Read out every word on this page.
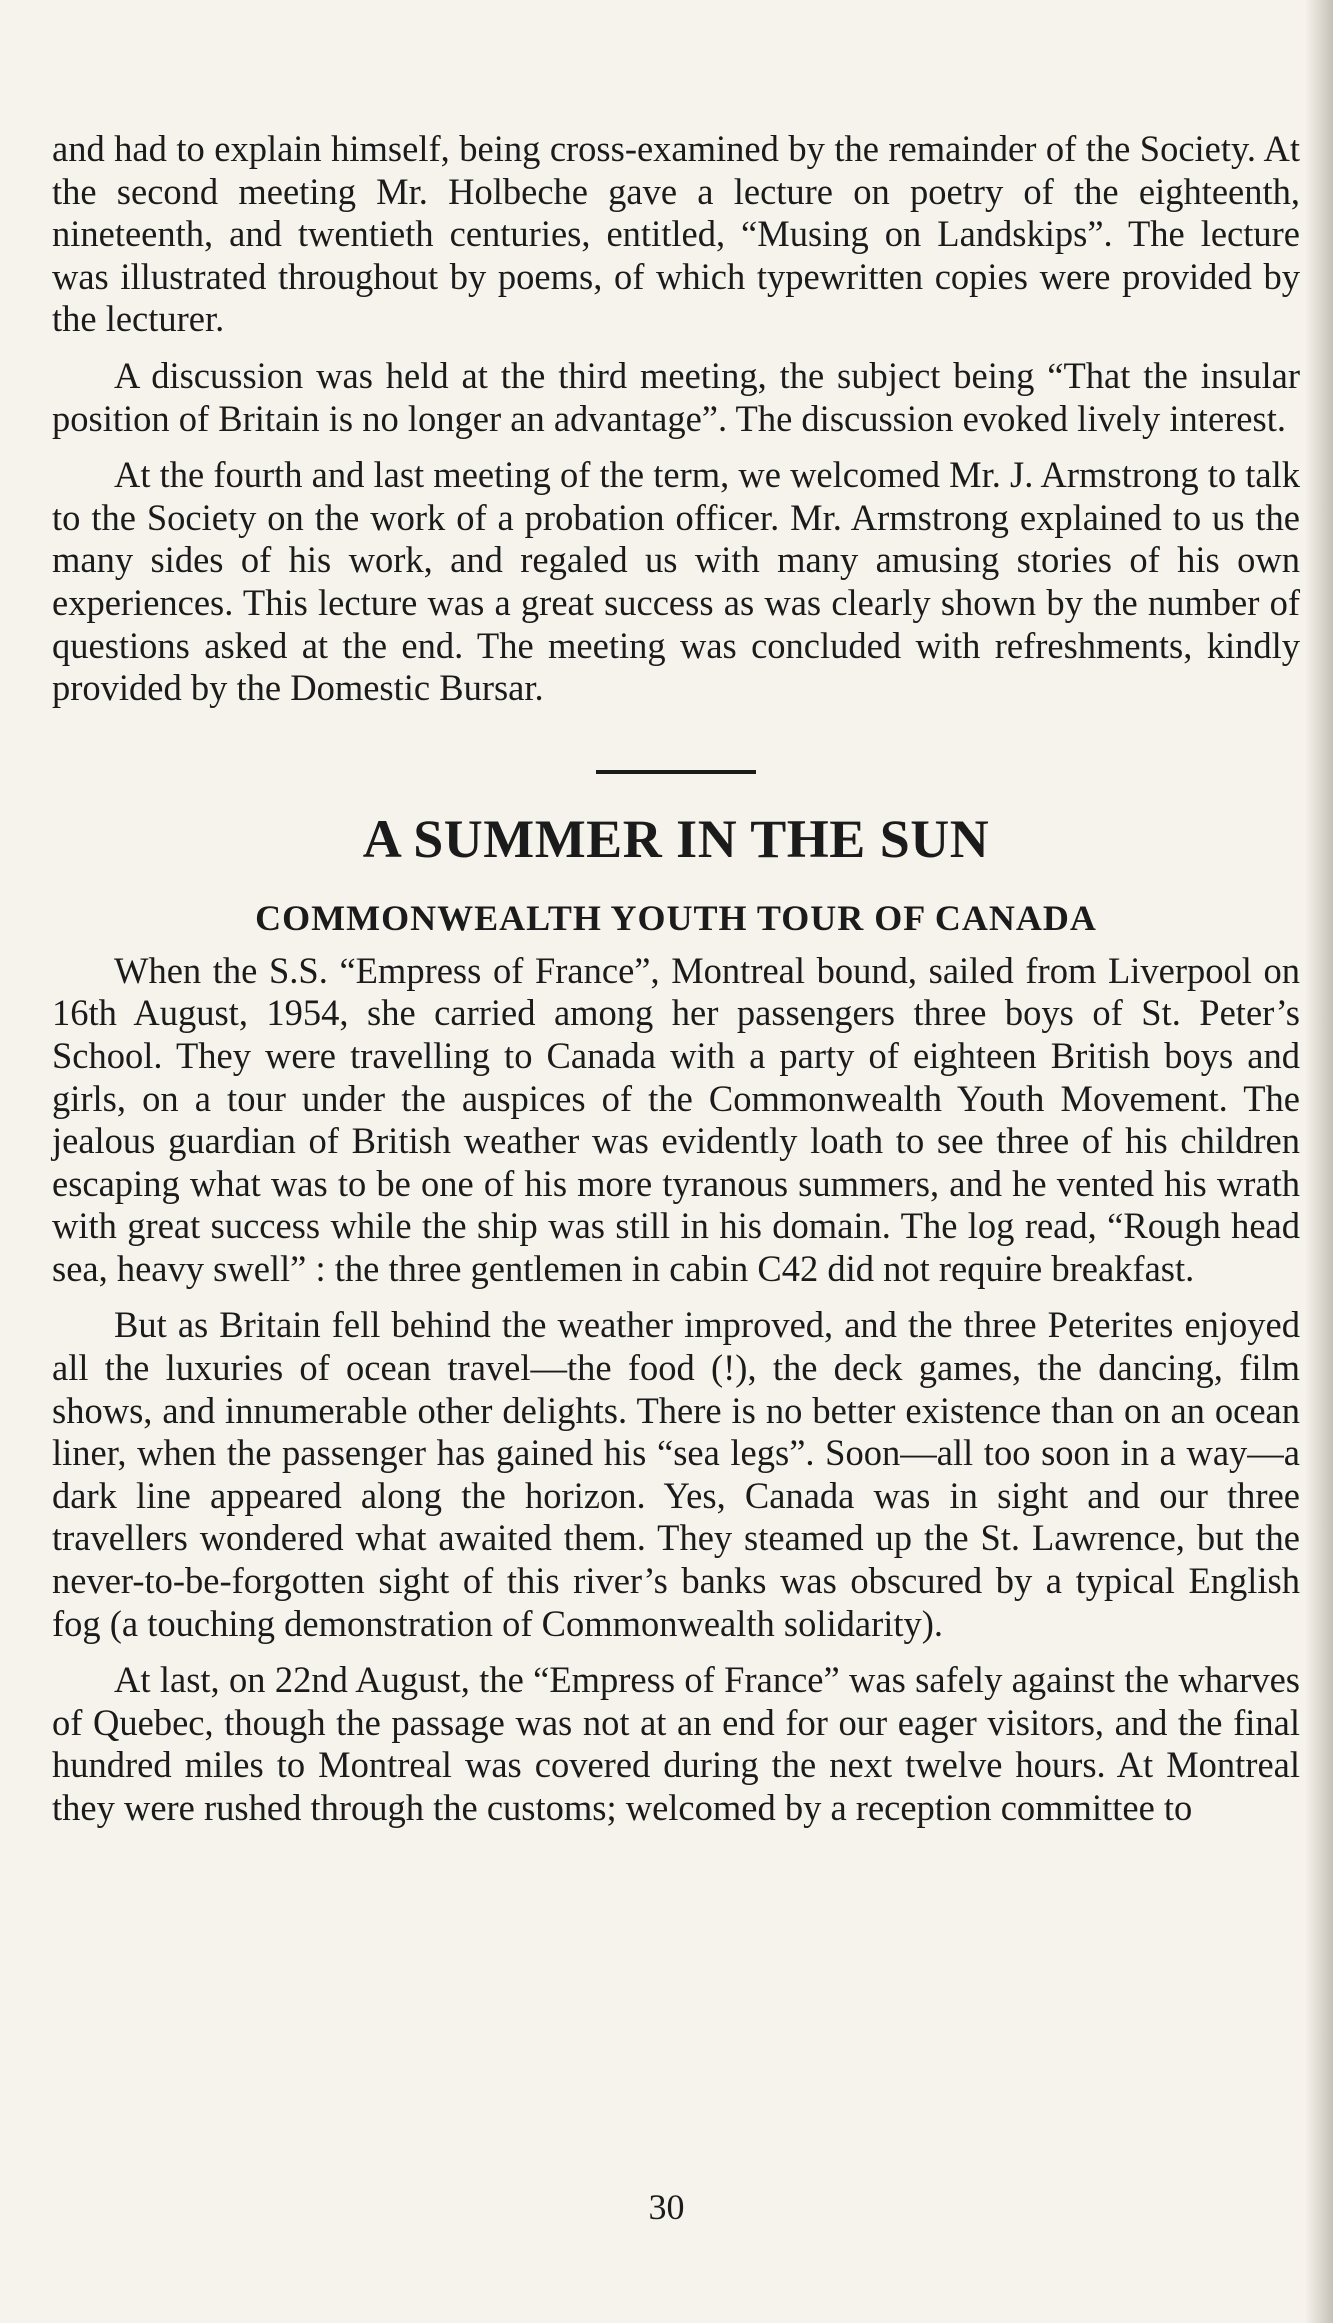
and had to explain himself, being cross-examined by the remainder of the Society. At the second meeting Mr. Holbeche gave a lecture on poetry of the eighteenth, nineteenth, and twentieth centuries, entitled, “Musing on Landskips”. The lecture was illustrated throughout by poems, of which typewritten copies were provided by the lecturer.

A discussion was held at the third meeting, the subject being “That the insular position of Britain is no longer an advantage”. The discussion evoked lively interest.

At the fourth and last meeting of the term, we welcomed Mr. J. Armstrong to talk to the Society on the work of a probation officer. Mr. Armstrong explained to us the many sides of his work, and regaled us with many amusing stories of his own experiences. This lecture was a great success as was clearly shown by the number of questions asked at the end. The meeting was concluded with refreshments, kindly provided by the Domestic Bursar.

A SUMMER IN THE SUN
COMMONWEALTH YOUTH TOUR OF CANADA

When the S.S. “Empress of France”, Montreal bound, sailed from Liverpool on 16th August, 1954, she carried among her passengers three boys of St. Peter’s School. They were travelling to Canada with a party of eighteen British boys and girls, on a tour under the auspices of the Commonwealth Youth Movement. The jealous guardian of British weather was evidently loath to see three of his children escaping what was to be one of his more tyranous summers, and he vented his wrath with great success while the ship was still in his domain. The log read, “Rough head sea, heavy swell” : the three gentlemen in cabin C42 did not require breakfast.

But as Britain fell behind the weather improved, and the three Peterites enjoyed all the luxuries of ocean travel—the food (!), the deck games, the dancing, film shows, and innumerable other delights. There is no better existence than on an ocean liner, when the passenger has gained his “sea legs”. Soon—all too soon in a way—a dark line appeared along the horizon. Yes, Canada was in sight and our three travellers wondered what awaited them. They steamed up the St. Lawrence, but the never-to-be-forgotten sight of this river’s banks was obscured by a typical English fog (a touching demonstration of Commonwealth solidarity).

At last, on 22nd August, the “Empress of France” was safely against the wharves of Quebec, though the passage was not at an end for our eager visitors, and the final hundred miles to Montreal was covered during the next twelve hours. At Montreal they were rushed through the customs; welcomed by a reception committee to

30
